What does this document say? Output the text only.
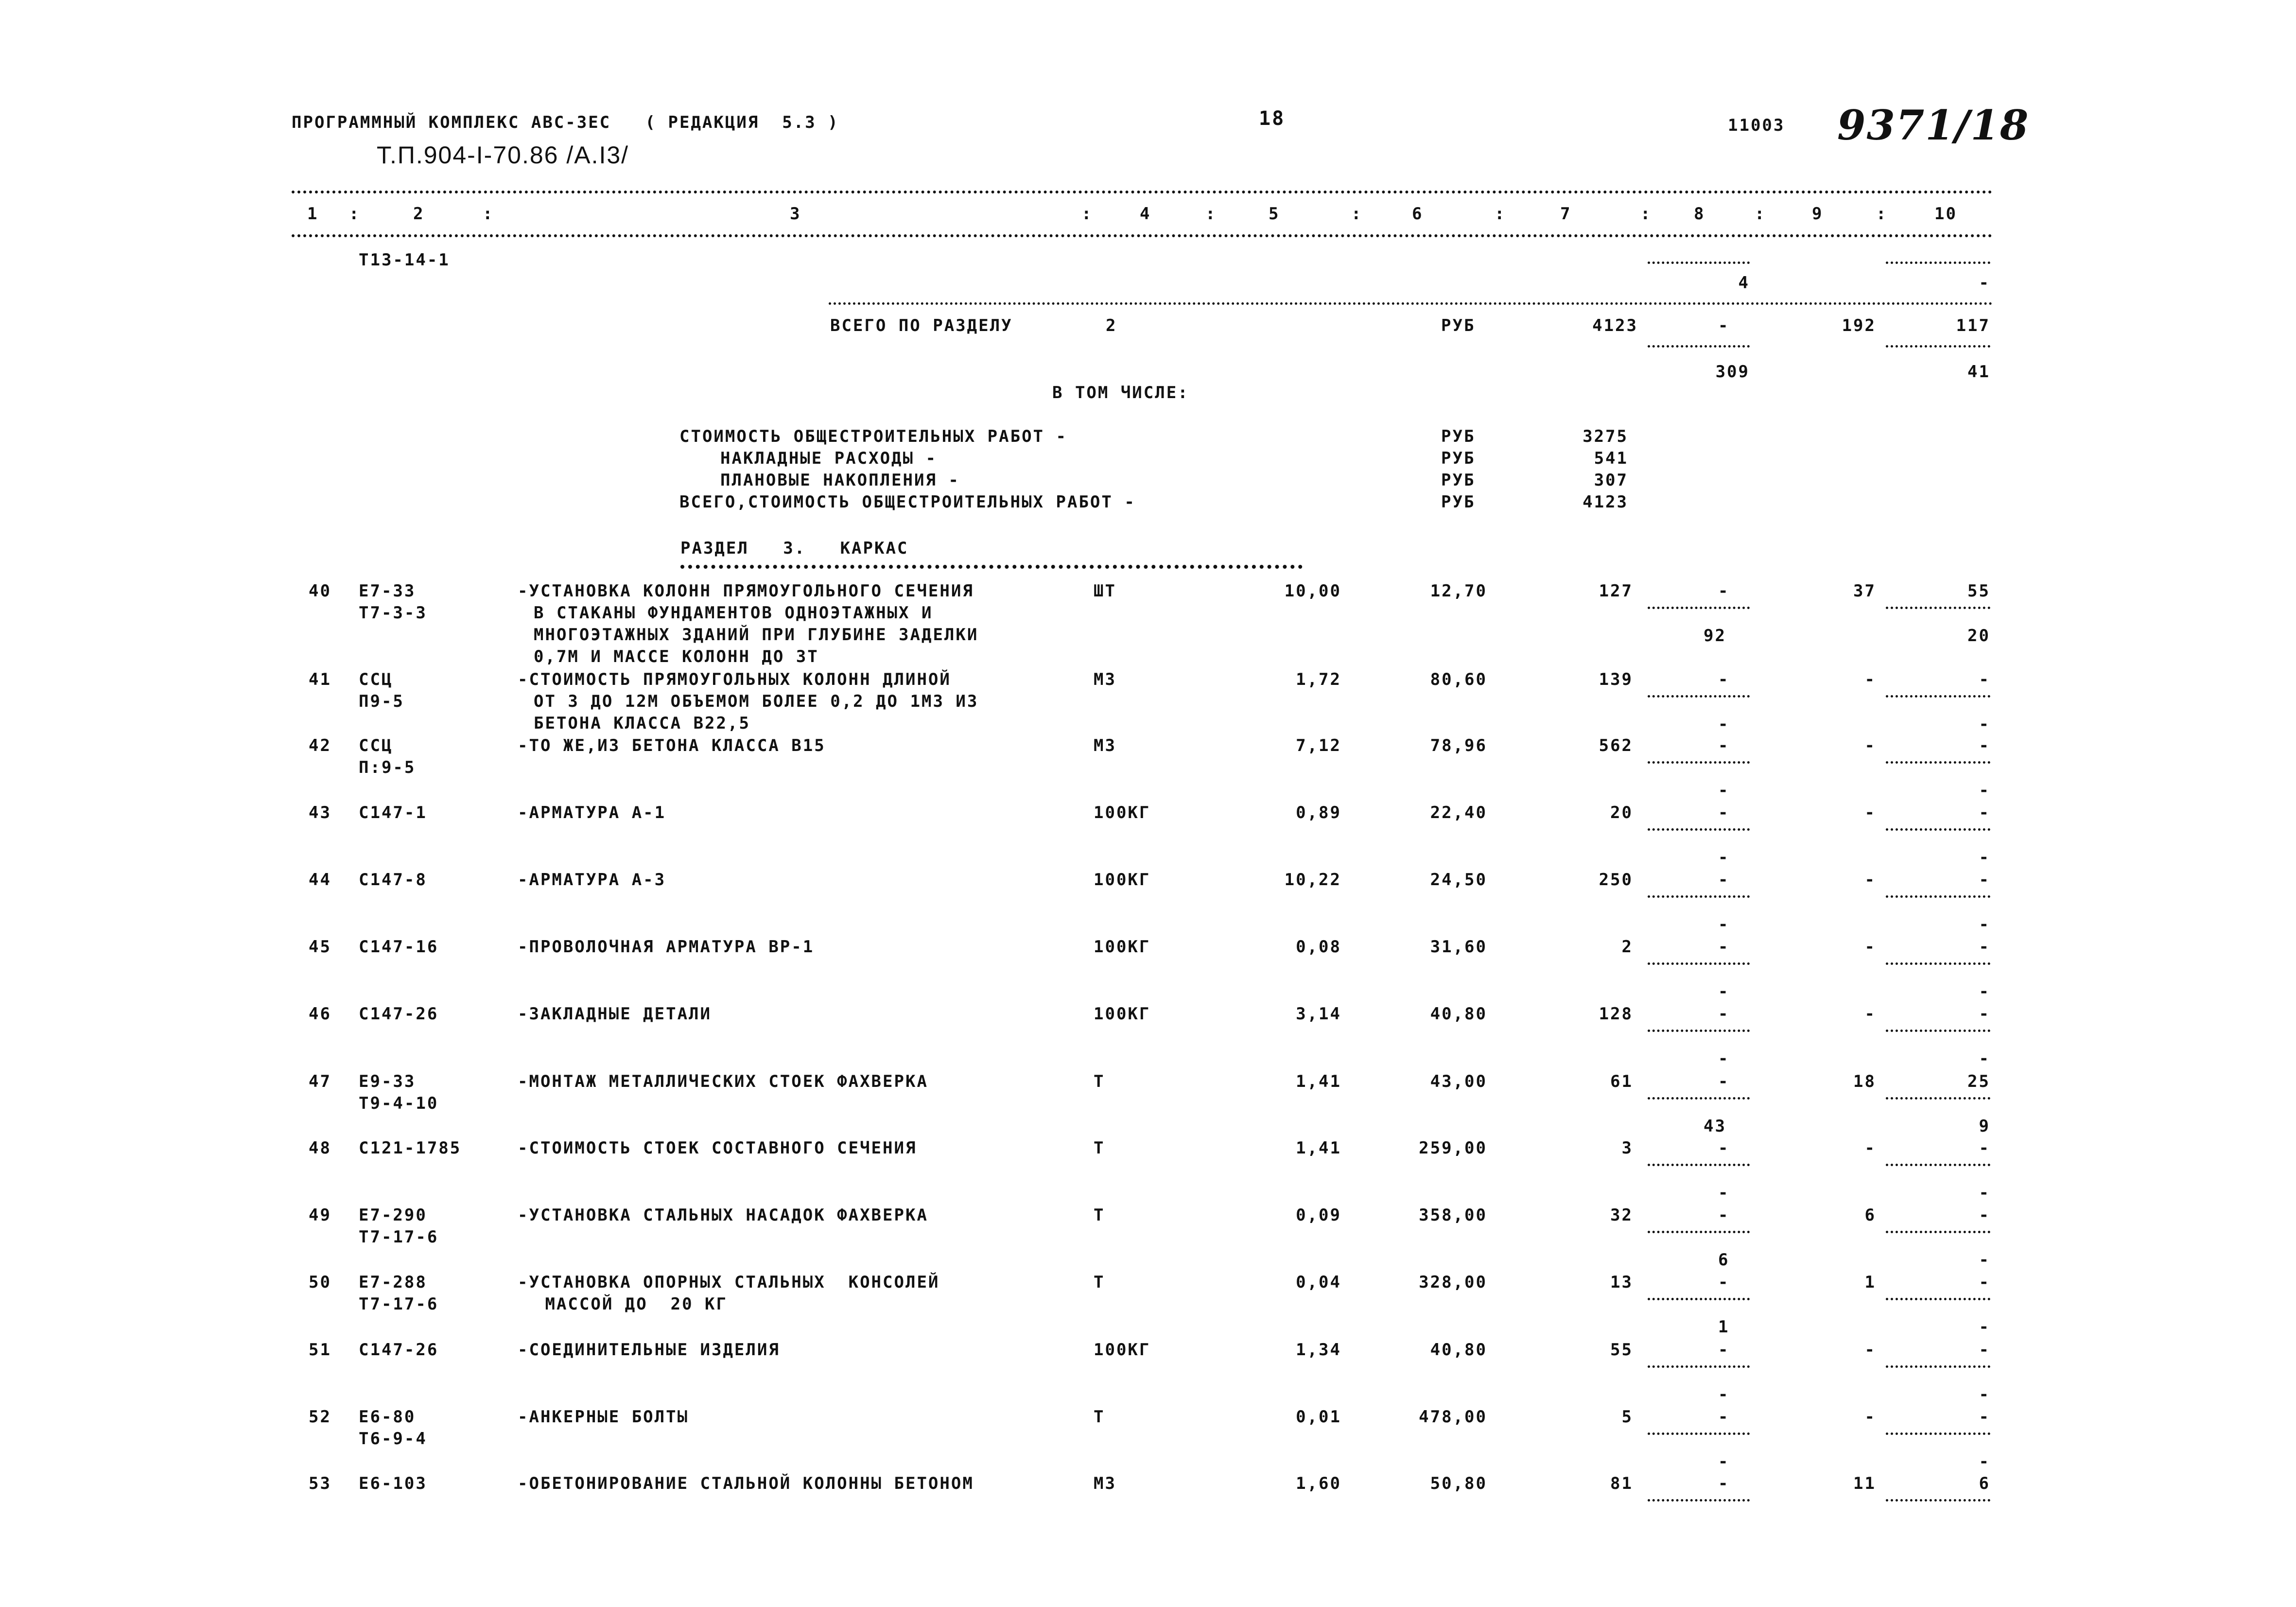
ПРОГРАММНЫЙ КОМПЛЕКС АВС-ЗЕС   ( РЕДАКЦИЯ  5.3 )	18	11003 9371/18
Т.П.904-I-70.86 /А.I3/
1	2	3	4	5	6	7	8	9	10
:	:	:	:	:	:	:	:	:
Т13-14-1
4	-
ВСЕГО ПО РАЗДЕЛУ	2	РУБ	4123	-	192	117
309	41
В ТОМ ЧИСЛЕ:
СТОИМОСТЬ ОБЩЕСТРОИТЕЛЬНЫХ РАБОТ -	РУБ	3275
НАКЛАДНЫЕ РАСХОДЫ -	РУБ	541
ПЛАНОВЫЕ НАКОПЛЕНИЯ -	РУБ	307
ВСЕГО,СТОИМОСТЬ ОБЩЕСТРОИТЕЛЬНЫХ РАБОТ -	РУБ	4123
РАЗДЕЛ   3.   КАРКАС
40 Е7-33
Т7-3-3
-УСТАНОВКА КОЛОНН ПРЯМОУГОЛЬНОГО СЕЧЕНИЯ
В СТАКАНЫ ФУНДАМЕНТОВ ОДНОЭТАЖНЫХ И
МНОГОЭТАЖНЫХ ЗДАНИЙ ПРИ ГЛУБИНЕ ЗАДЕЛКИ
0,7М И МАССЕ КОЛОНН ДО 3Т
ШТ	10,00	12,70	127	-	37	55
92	20
41 ССЦ
П9-5
-СТОИМОСТЬ ПРЯМОУГОЛЬНЫХ КОЛОНН ДЛИНОЙ
ОТ 3 ДО 12М ОБЪЕМОМ БОЛЕЕ 0,2 ДО 1М3 ИЗ
БЕТОНА КЛАССА В22,5
М3	1,72	80,60	139	-	-	-
-	-
42 ССЦ
П:9-5
-ТО ЖЕ,ИЗ БЕТОНА КЛАССА В15	М3	7,12	78,96	562	-	-	-
-	-
43 С147-1	-АРМАТУРА А-1	100КГ	0,89	22,40	20	-	-	-
-	-
44 С147-8	-АРМАТУРА А-3	100КГ	10,22	24,50	250	-	-	-
-	-
45 С147-16	-ПРОВОЛОЧНАЯ АРМАТУРА ВР-1	100КГ	0,08	31,60	2	-	-	-
-	-
46 С147-26	-ЗАКЛАДНЫЕ ДЕТАЛИ	100КГ	3,14	40,80	128	-	-	-
-	-
47 Е9-33
Т9-4-10
-МОНТАЖ МЕТАЛЛИЧЕСКИХ СТОЕК ФАХВЕРКА	Т	1,41	43,00	61	-	18	25
43	9
48 С121-1785	-СТОИМОСТЬ СТОЕК СОСТАВНОГО СЕЧЕНИЯ	Т	1,41	259,00	3	-	-	-
-	-
49 Е7-290
Т7-17-6
-УСТАНОВКА СТАЛЬНЫХ НАСАДОК ФАХВЕРКА	Т	0,09	358,00	32	-	6	-
6	-
50 Е7-288
Т7-17-6
-УСТАНОВКА ОПОРНЫХ СТАЛЬНЫХ  КОНСОЛЕЙ
МАССОЙ ДО  20 КГ
Т	0,04	328,00	13	-	1	-
1	-
51 С147-26	-СОЕДИНИТЕЛЬНЫЕ ИЗДЕЛИЯ	100КГ	1,34	40,80	55	-	-	-
-	-
52 Е6-80
Т6-9-4
-АНКЕРНЫЕ БОЛТЫ	Т	0,01	478,00	5	-	-	-
-	-
53 Е6-103	-ОБЕТОНИРОВАНИЕ СТАЛЬНОЙ КОЛОННЫ БЕТОНОМ	М3	1,60	50,80	81	-	11	6
